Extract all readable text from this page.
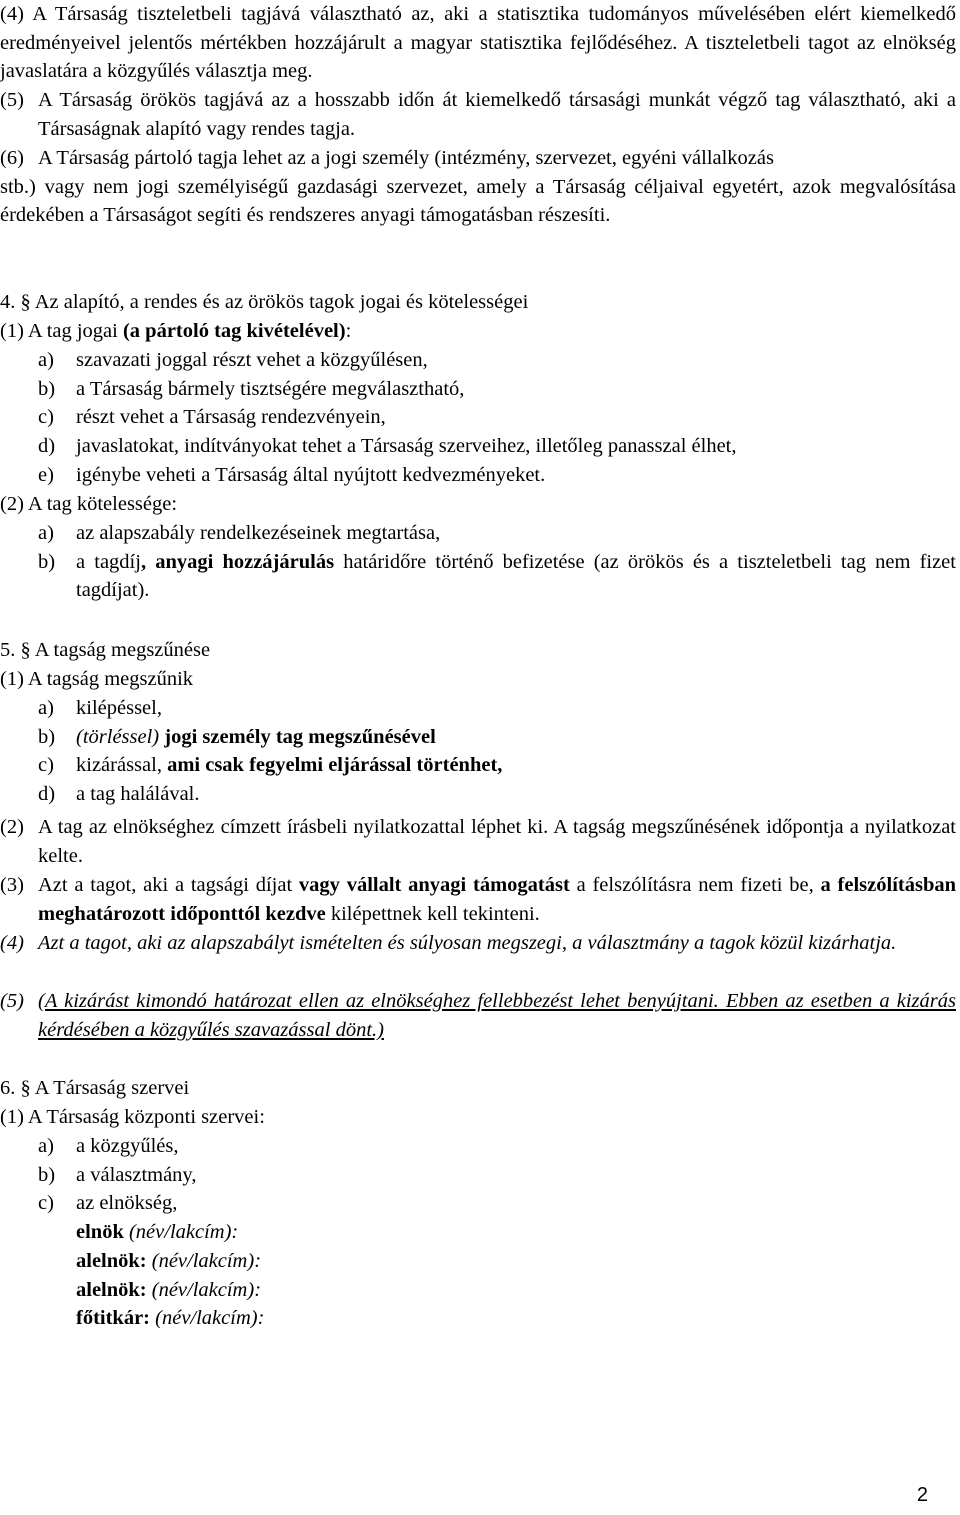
(4) A Társaság tiszteletbeli tagjává választható az, aki a statisztika tudományos művelésében elért kiemelkedő eredményeivel jelentős mértékben hozzájárult a magyar statisztika fejlődéséhez. A tiszteletbeli tagot az elnökség javaslatára a közgyűlés választja meg.
(5) A Társaság örökös tagjává az a hosszabb időn át kiemelkedő társasági munkát végző tag választható, aki a Társaságnak alapító vagy rendes tagja.
(6) A Társaság pártoló tagja lehet az a jogi személy (intézmény, szervezet, egyéni vállalkozás
stb.) vagy nem jogi személyiségű gazdasági szervezet, amely a Társaság céljaival egyetért, azok megvalósítása érdekében a Társaságot segíti és rendszeres anyagi támogatásban részesíti.
4. § Az alapító, a rendes és az örökös tagok jogai és kötelességei
(1) A tag jogai (a pártoló tag kivételével):
a) szavazati joggal részt vehet a közgyűlésen,
b) a Társaság bármely tisztségére megválasztható,
c) részt vehet a Társaság rendezvényein,
d) javaslatokat, indítványokat tehet a Társaság szerveihez, illetőleg panasszal élhet,
e) igénybe veheti a Társaság által nyújtott kedvezményeket.
(2) A tag kötelessége:
a) az alapszabály rendelkezéseinek megtartása,
b) a tagdíj, anyagi hozzájárulás határidőre történő befizetése (az örökös és a tiszteletbeli tag nem fizet tagdíjat).
5. § A tagság megszűnése
(1) A tagság megszűnik
a) kilépéssel,
b) (törléssel) jogi személy tag megszűnésével
c) kizárással, ami csak fegyelmi eljárással történhet,
d) a tag halálával.
(2) A tag az elnökséghez címzett írásbeli nyilatkozattal léphet ki. A tagság megszűnésének időpontja a nyilatkozat kelte.
(3) Azt a tagot, aki a tagsági díjat vagy vállalt anyagi támogatást a felszólításra nem fizeti be, a felszólításban meghatározott időponttól kezdve kilépettnek kell tekinteni.
(4) Azt a tagot, aki az alapszabályt ismételten és súlyosan megszegi, a választmány a tagok közül kizárhatja.
(5) (A kizárást kimondó határozat ellen az elnökséghez fellebbezést lehet benyújtani. Ebben az esetben a kizárás kérdésében a közgyűlés szavazással dönt.)
6. § A Társaság szervei
(1) A Társaság központi szervei:
a) a közgyűlés,
b) a választmány,
c) az elnökség,
elnök (név/lakcím):
alelnök: (név/lakcím):
alelnök: (név/lakcím):
főtitkár: (név/lakcím):
2
